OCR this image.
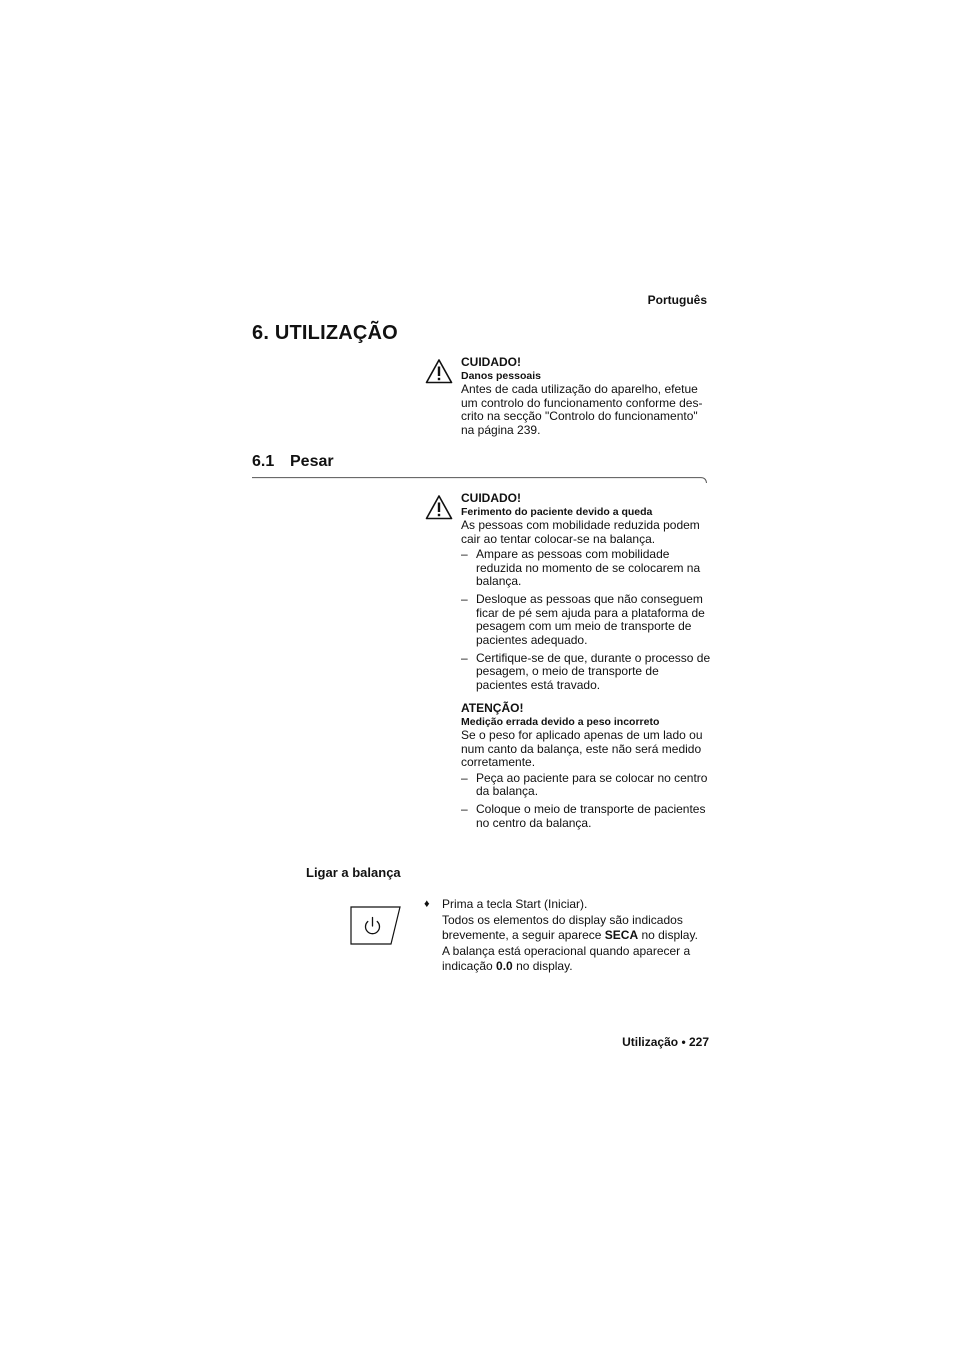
Português
6. UTILIZAÇÃO
CUIDADO!
Danos pessoais

Antes de cada utilização do aparelho, efetue um controlo do funcionamento conforme des-crito na secção "Controlo do funcionamento" na página 239.

6.1 Pesar
CUIDADO!
Ferimento do paciente devido a queda

As pessoas com mobilidade reduzida podem cair ao tentar colocar-se na balança.

– Ampare as pessoas com mobilidade reduzida no momento de se colocarem na balança.
– Desloque as pessoas que não conseguem ficar de pé sem ajuda para a plataforma de pesagem com um meio de transporte de pacientes adequado.
– Certifique-se de que, durante o processo de pesagem, o meio de transporte de pacientes está travado.
ATENÇÃO!
Medição errada devido a peso incorreto

Se o peso for aplicado apenas de um lado ou num canto da balança, este não será medido corretamente.

– Peça ao paciente para se colocar no centro da balança.
– Coloque o meio de transporte de pacientes no centro da balança.
Ligar a balança
♦ Prima a tecla Start (Iniciar).
Todos os elementos do display são indicados brevemente, a seguir aparece SECA no display.
A balança está operacional quando aparecer a indicação 0.0 no display.
Utilização • 227
